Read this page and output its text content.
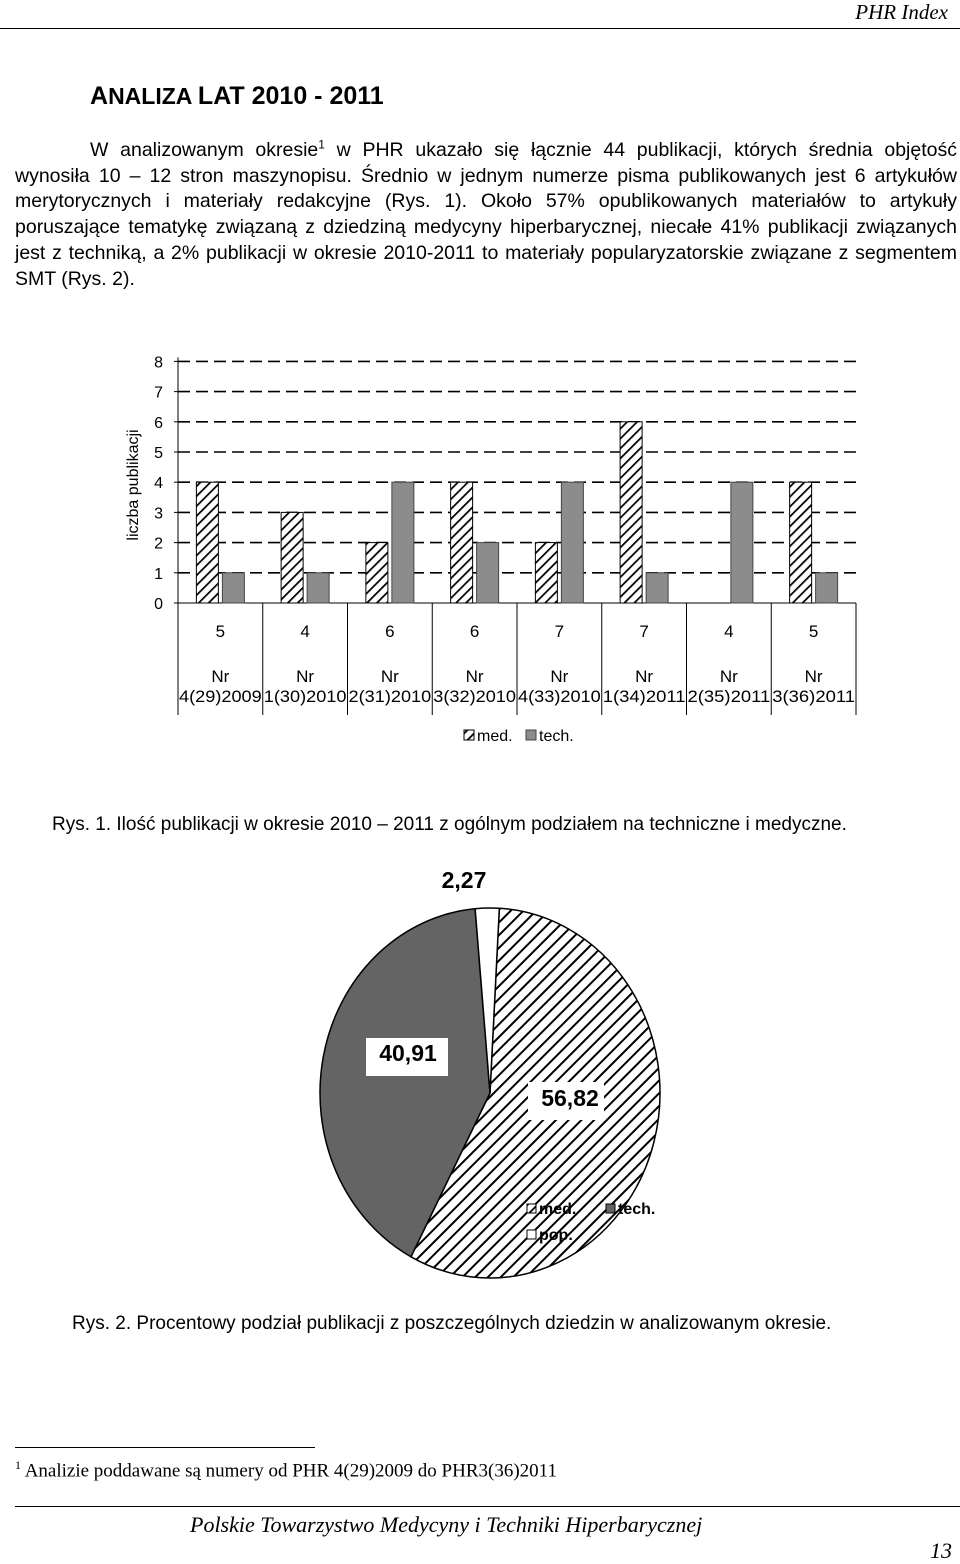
PHR Index
ANALIZA LAT 2010 - 2011
W analizowanym okresie$^1$ w PHR ukazało się łącznie 44 publikacji, których średnia objętość wynosiła 10 – 12 stron maszynopisu. Średnio w jednym numerze pisma publikowanych jest 6 artykułów merytorycznych i materiały redakcyjne (Rys. 1). Około 57% opublikowanych materiałów to artykuły poruszające tematykę związaną z dziedziną medycyny hiperbarycznej, niecałe 41% publikacji związanych jest z techniką, a 2% publikacji w okresie 2010-2011 to materiały popularyzatorskie związane z segmentem SMT (Rys. 2).
0
1
2
3
4
5
6
7
8
liczba publikacji
5
Nr
4(29)2009
4
Nr
1(30)2010
6
Nr
2(31)2010
6
Nr
3(32)2010
7
Nr
4(33)2010
7
Nr
1(34)2011
4
Nr
2(35)2011
5
Nr
3(36)2011
med. tech.
Rys. 1. Ilość publikacji w okresie 2010 – 2011 z ogólnym podziałem na techniczne i medyczne.
56,82
40,91
2,27
med.	tech.
pop.
Rys. 2. Procentowy podział publikacji z poszczególnych dziedzin w analizowanym okresie.
$^1$ Analizie poddawane są numery od PHR 4(29)2009 do PHR3(36)2011
Polskie Towarzystwo Medycyny i Techniki Hiperbarycznej
13
